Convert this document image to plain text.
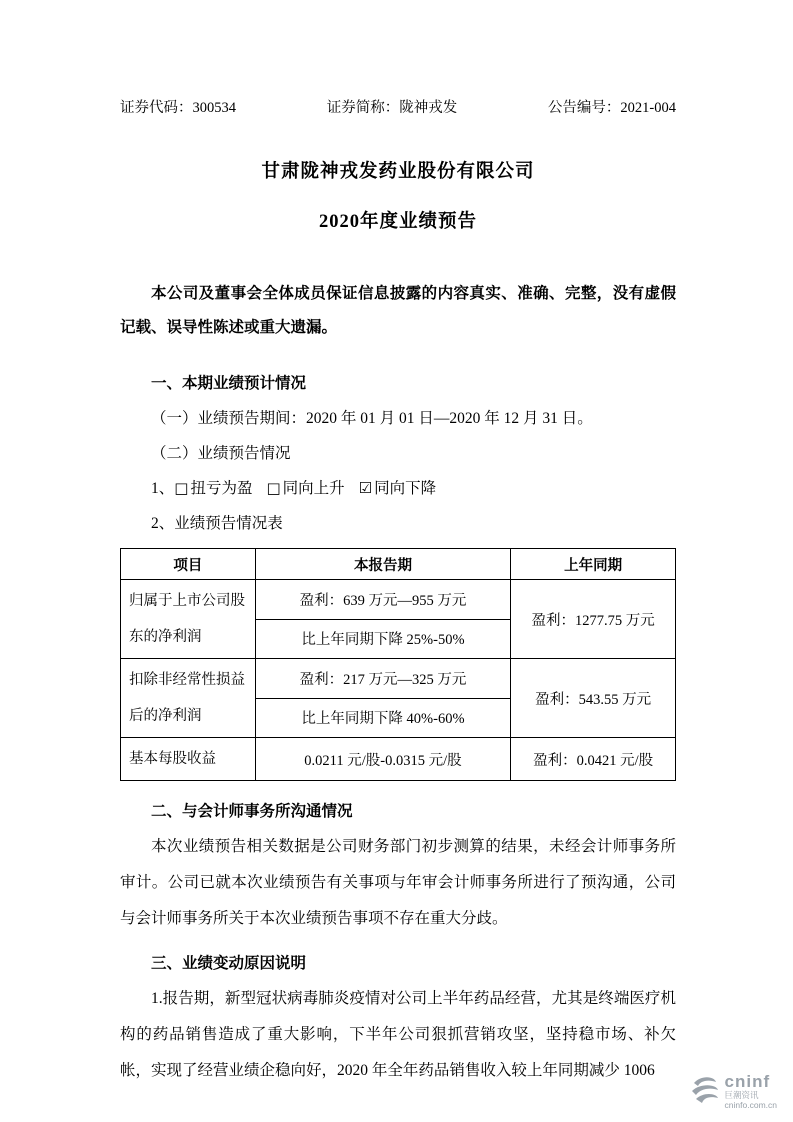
证券代码：300534	证券简称：陇神戎发	公告编号：2021-004
甘肃陇神戎发药业股份有限公司
2020年度业绩预告

本公司及董事会全体成员保证信息披露的内容真实、准确、完整，没有虚假记载、误导性陈述或重大遗漏。

一、本期业绩预计情况
（一）业绩预告期间：2020 年 01 月 01 日—2020 年 12 月 31 日。
（二）业绩预告情况
1、□ 扭亏为盈 □ 同向上升 ☑ 同向下降
2、业绩预告情况表
项目	本报告期	上年同期
归属于上市公司股东的净利润	盈利：639 万元—955 万元	盈利：1277.75 万元
	比上年同期下降 25%-50%	
扣除非经常性损益后的净利润	盈利：217 万元—325 万元	盈利：543.55 万元
	比上年同期下降 40%-60%	
基本每股收益	0.0211 元/股-0.0315 元/股	盈利：0.0421 元/股
二、与会计师事务所沟通情况

本次业绩预告相关数据是公司财务部门初步测算的结果，未经会计师事务所审计。公司已就本次业绩预告有关事项与年审会计师事务所进行了预沟通，公司与会计师事务所关于本次业绩预告事项不存在重大分歧。

三、业绩变动原因说明

1.报告期，新型冠状病毒肺炎疫情对公司上半年药品经营，尤其是终端医疗机构的药品销售造成了重大影响，下半年公司狠抓营销攻坚，坚持稳市场、补欠帐，实现了经营业绩企稳向好，2020 年全年药品销售收入较上年同期减少 1006

cninf
巨潮资讯
cninfo.com.cn
